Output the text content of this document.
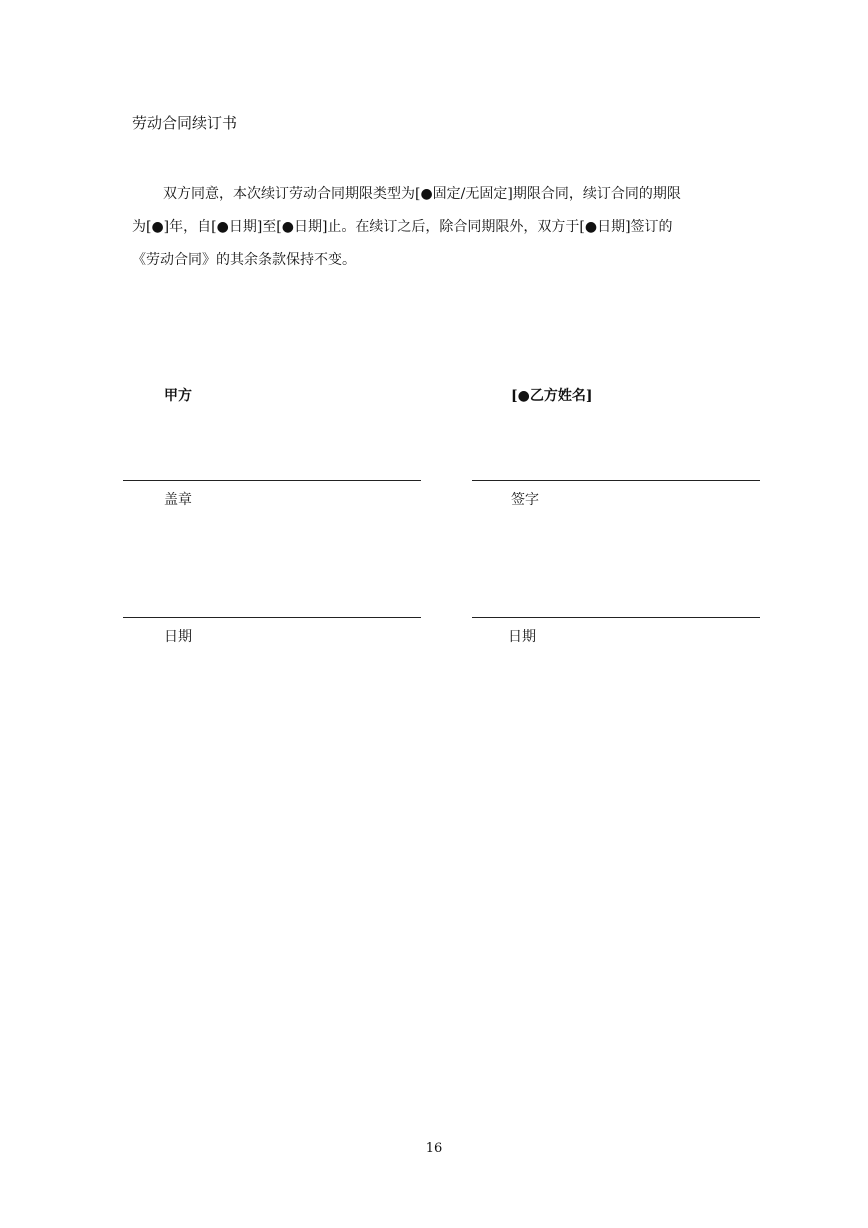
劳动合同续订书

双方同意，本次续订劳动合同期限类型为[●固定/无固定]期限合同，续订合同的期限

为[●]年，自[●日期]至[●日期]止。在续订之后，除合同期限外，双方于[●日期]签订的

《劳动合同》的其余条款保持不变。

甲方	[●乙方姓名]
盖章	签字
日期	日期
16
